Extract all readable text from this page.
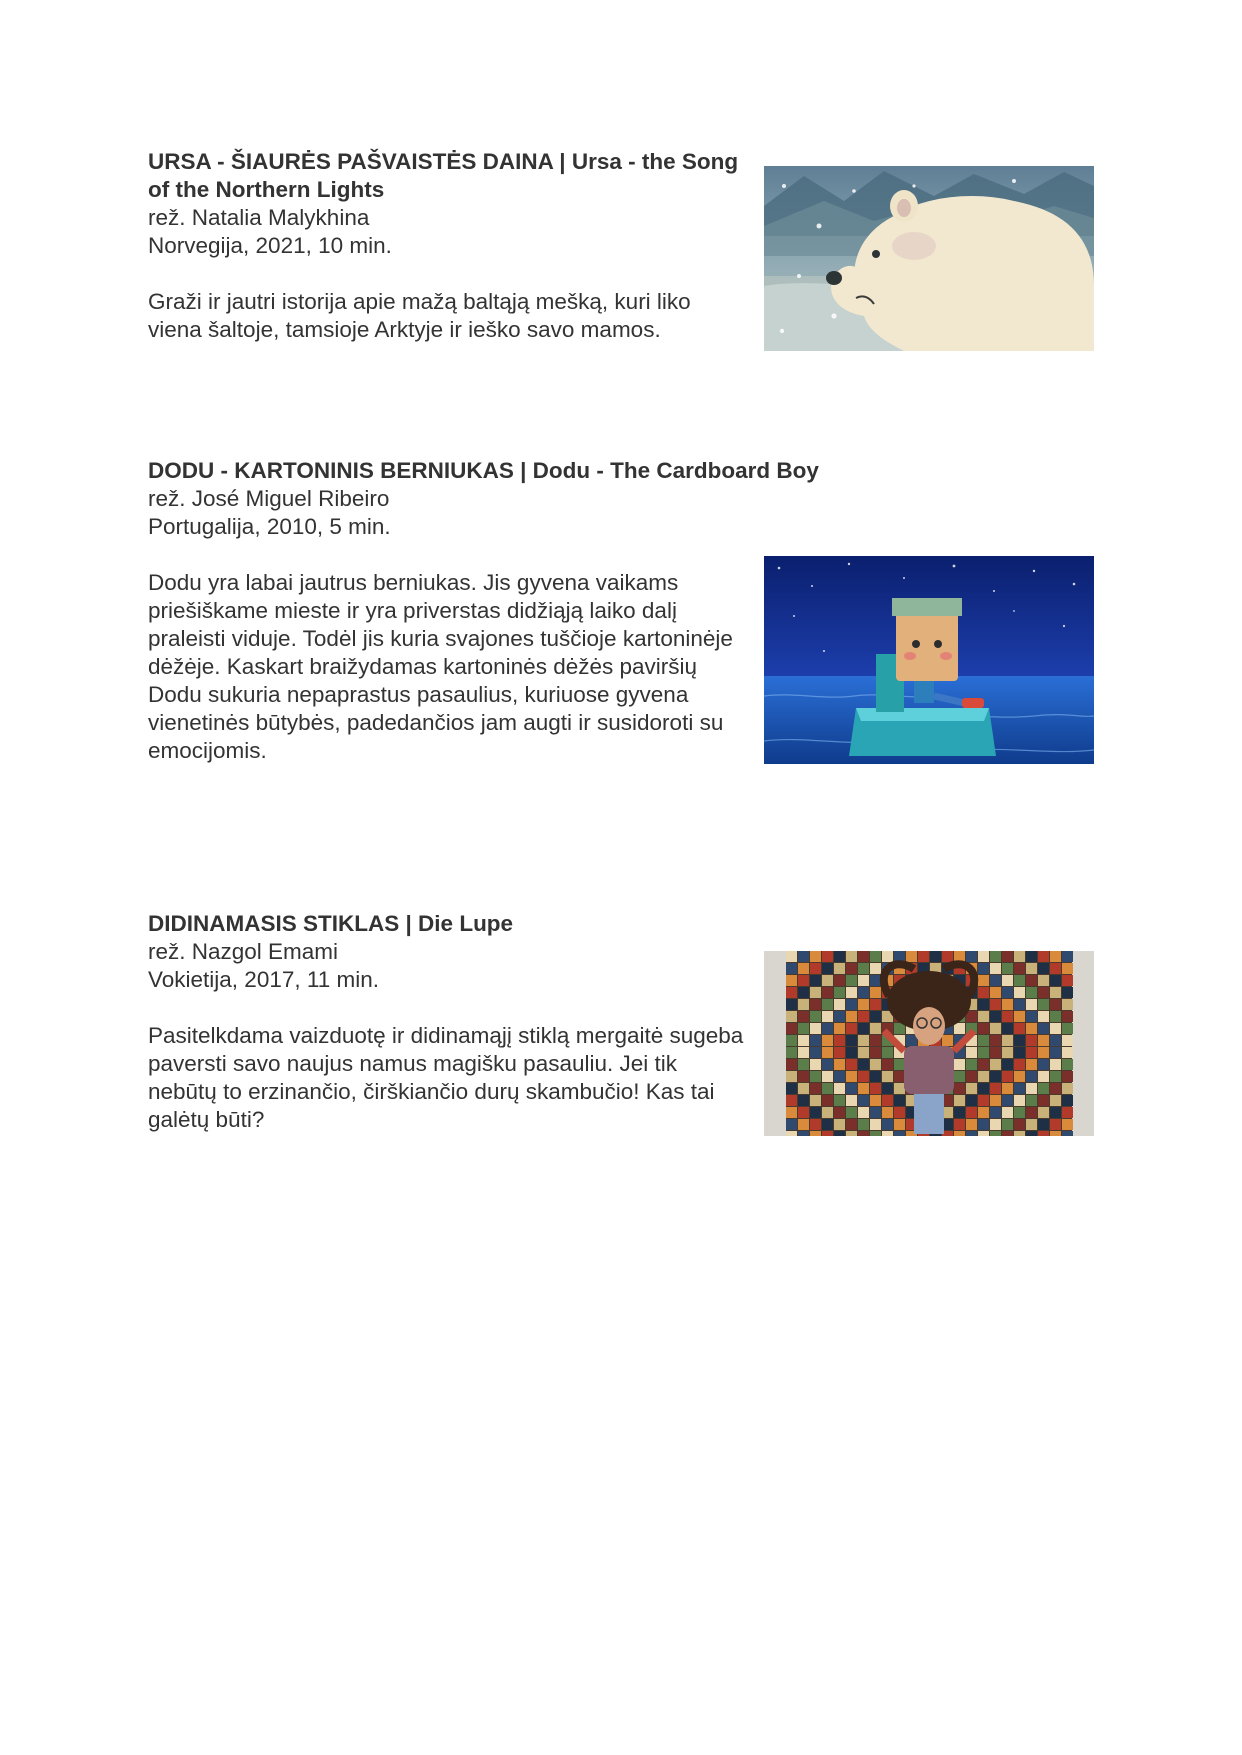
URSA - ŠIAURĖS PAŠVAISTĖS DAINA | Ursa - the Song of the Northern Lights

rež. Natalia Malykhina

Norvegija, 2021, 10 min.

Graži ir jautri istorija apie mažą baltąją mešką, kuri liko viena šaltoje, tamsioje Arktyje ir ieško savo mamos.

DODU - KARTONINIS BERNIUKAS | Dodu - The Cardboard Boy

rež. José Miguel Ribeiro

Portugalija, 2010, 5 min.

Dodu yra labai jautrus berniukas. Jis gyvena vaikams priešiškame mieste ir yra priverstas didžiąją laiko dalį praleisti viduje. Todėl jis kuria svajones tuščioje kartoninėje dėžėje. Kaskart braižydamas kartoninės dėžės paviršių Dodu sukuria nepaprastus pasaulius, kuriuose gyvena vienetinės būtybės, padedančios jam augti ir susidoroti su emocijomis.

DIDINAMASIS STIKLAS | Die Lupe

rež. Nazgol Emami

Vokietija, 2017, 11 min.

Pasitelkdama vaizduotę ir didinamąjį stiklą mergaitė sugeba paversti savo naujus namus magišku pasauliu. Jei tik nebūtų to erzinančio, čirškiančio durų skambučio! Kas tai galėtų būti?
